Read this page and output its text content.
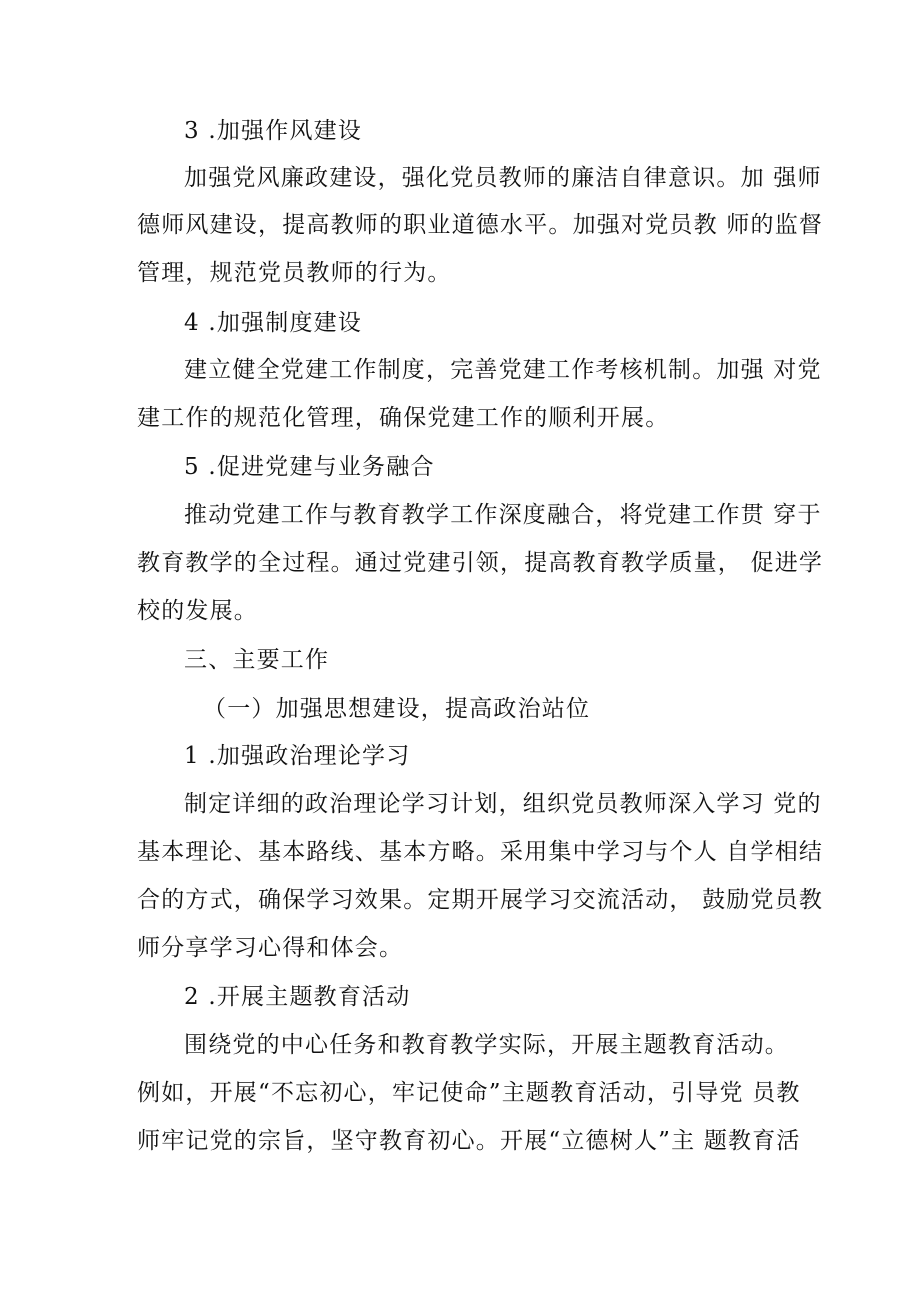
3 .加强作风建设
加强党风廉政建设，强化党员教师的廉洁自律意识。加 强师
德师风建设，提高教师的职业道德水平。加强对党员教 师的监督
管理，规范党员教师的行为。
4 .加强制度建设
建立健全党建工作制度，完善党建工作考核机制。加强 对党
建工作的规范化管理，确保党建工作的顺利开展。
5 .促进党建与业务融合
推动党建工作与教育教学工作深度融合，将党建工作贯 穿于
教育教学的全过程。通过党建引领，提高教育教学质量， 促进学
校的发展。
三、主要工作
（一）加强思想建设，提高政治站位
1 .加强政治理论学习
制定详细的政治理论学习计划，组织党员教师深入学习 党的
基本理论、基本路线、基本方略。采用集中学习与个人 自学相结
合的方式，确保学习效果。定期开展学习交流活动， 鼓励党员教
师分享学习心得和体会。
2 .开展主题教育活动
围绕党的中心任务和教育教学实际，开展主题教育活动。
例如，开展“不忘初心，牢记使命”主题教育活动，引导党 员教
师牢记党的宗旨，坚守教育初心。开展“立德树人”主 题教育活
